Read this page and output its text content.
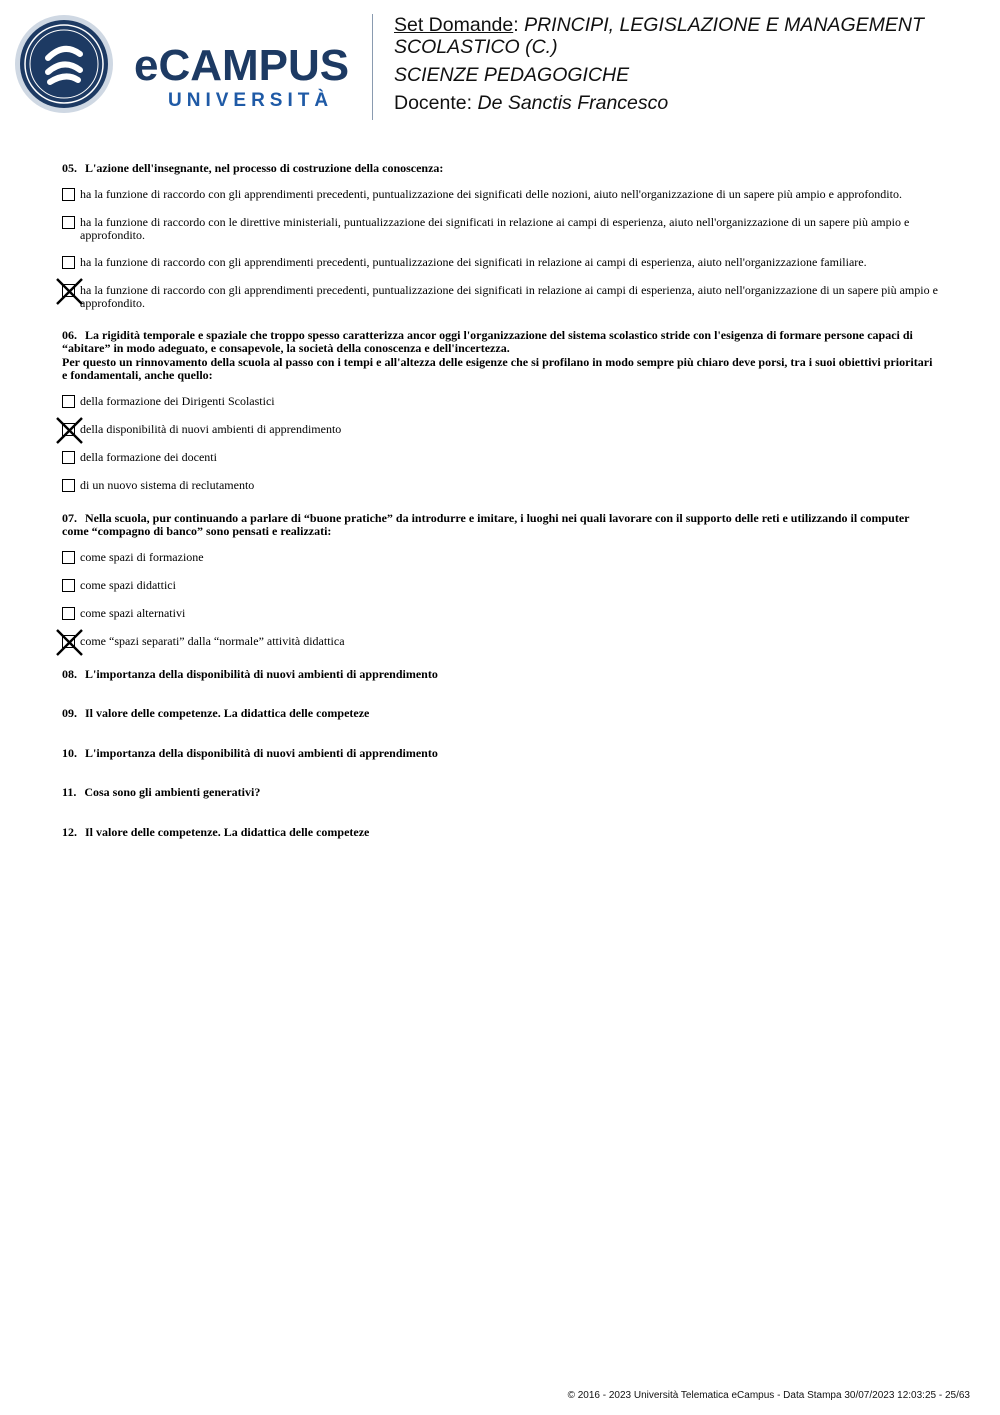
eCAMPUS
UNIVERSITÀ
Set Domande: PRINCIPI, LEGISLAZIONE E MANAGEMENT
SCOLASTICO (C.)
SCIENZE PEDAGOGICHE
Docente: De Sanctis Francesco
05. L'azione dell'insegnante, nel processo di costruzione della conoscenza:
ha la funzione di raccordo con gli apprendimenti precedenti, puntualizzazione dei significati delle nozioni, aiuto nell'organizzazione di un sapere più ampio e approfondito.
ha la funzione di raccordo con le direttive ministeriali, puntualizzazione dei significati in relazione ai campi di esperienza, aiuto nell'organizzazione di un sapere più ampio e approfondito.
ha la funzione di raccordo con gli apprendimenti precedenti, puntualizzazione dei significati in relazione ai campi di esperienza, aiuto nell'organizzazione familiare.
ha la funzione di raccordo con gli apprendimenti precedenti, puntualizzazione dei significati in relazione ai campi di esperienza, aiuto nell'organizzazione di un sapere più ampio e approfondito.
06. La rigidità temporale e spaziale che troppo spesso caratterizza ancor oggi l'organizzazione del sistema scolastico stride con l'esigenza di formare persone capaci di “abitare” in modo adeguato, e consapevole, la società della conoscenza e dell'incertezza.
Per questo un rinnovamento della scuola al passo con i tempi e all'altezza delle esigenze che si profilano in modo sempre più chiaro deve porsi, tra i suoi obiettivi prioritari e fondamentali, anche quello:
della formazione dei Dirigenti Scolastici
della disponibilità di nuovi ambienti di apprendimento
della formazione dei docenti
di un nuovo sistema di reclutamento
07. Nella scuola, pur continuando a parlare di “buone pratiche” da introdurre e imitare, i luoghi nei quali lavorare con il supporto delle reti e utilizzando il computer come “compagno di banco” sono pensati e realizzati:
come spazi di formazione
come spazi didattici
come spazi alternativi
come “spazi separati” dalla “normale” attività didattica
08. L'importanza della disponibilità di nuovi ambienti di apprendimento
09. Il valore delle competenze. La didattica delle competeze
10. L'importanza della disponibilità di nuovi ambienti di apprendimento
11. Cosa sono gli ambienti generativi?
12. Il valore delle competenze. La didattica delle competeze
© 2016 - 2023 Università Telematica eCampus - Data Stampa 30/07/2023 12:03:25 - 25/63
